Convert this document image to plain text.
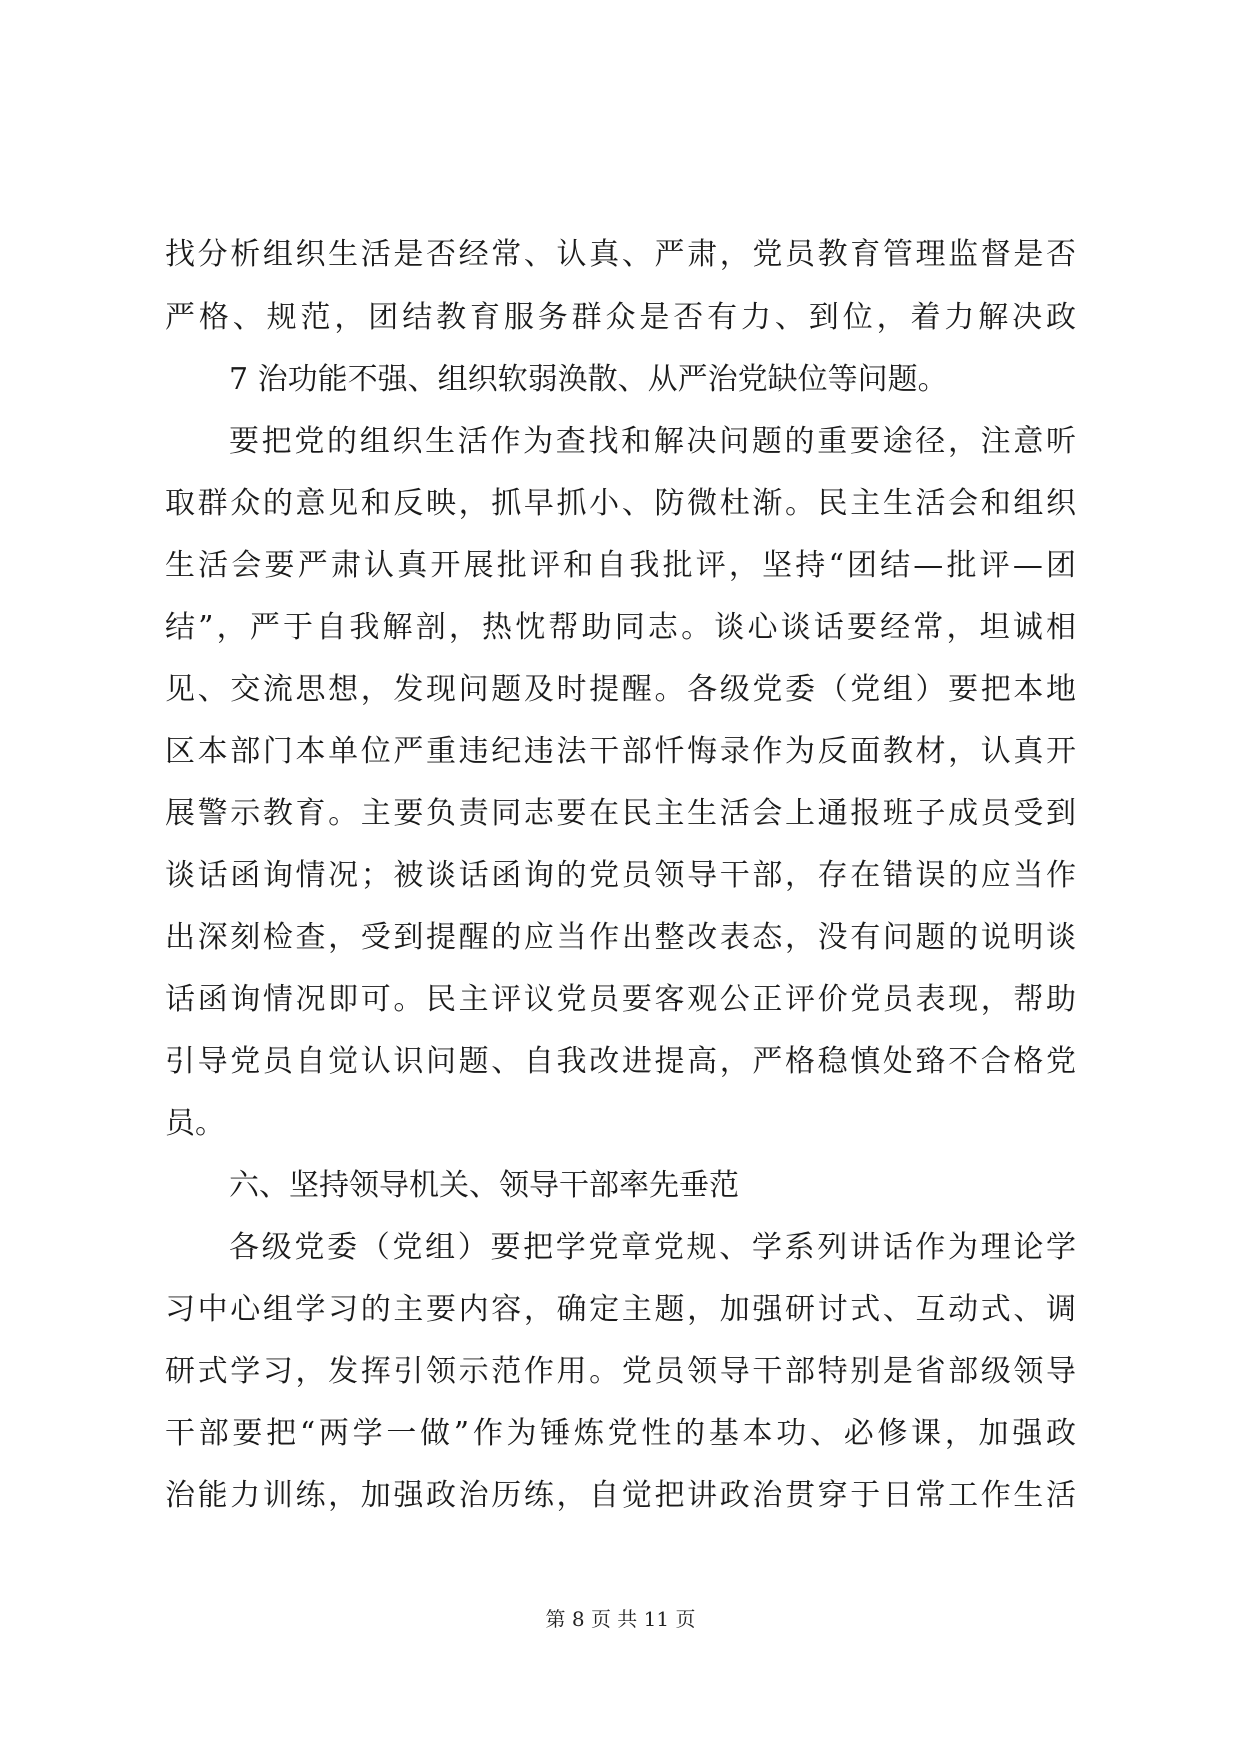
找分析组织生活是否经常、认真、严肃，党员教育管理监督是否
严格、规范，团结教育服务群众是否有力、到位，着力解决政
7 治功能不强、组织软弱涣散、从严治党缺位等问题。
要把党的组织生活作为查找和解决问题的重要途径，注意听
取群众的意见和反映，抓早抓小、防微杜渐。民主生活会和组织
生活会要严肃认真开展批评和自我批评，坚持“团结—批评—团
结”，严于自我解剖，热忱帮助同志。谈心谈话要经常，坦诚相
见、交流思想，发现问题及时提醒。各级党委（党组）要把本地
区本部门本单位严重违纪违法干部忏悔录作为反面教材，认真开
展警示教育。主要负责同志要在民主生活会上通报班子成员受到
谈话函询情况；被谈话函询的党员领导干部，存在错误的应当作
出深刻检查，受到提醒的应当作出整改表态，没有问题的说明谈
话函询情况即可。民主评议党员要客观公正评价党员表现，帮助
引导党员自觉认识问题、自我改进提高，严格稳慎处臵不合格党
员。
六、坚持领导机关、领导干部率先垂范
各级党委（党组）要把学党章党规、学系列讲话作为理论学
习中心组学习的主要内容，确定主题，加强研讨式、互动式、调
研式学习，发挥引领示范作用。党员领导干部特别是省部级领导
干部要把“两学一做”作为锤炼党性的基本功、必修课，加强政
治能力训练，加强政治历练，自觉把讲政治贯穿于日常工作生活
第 8 页 共 11 页
